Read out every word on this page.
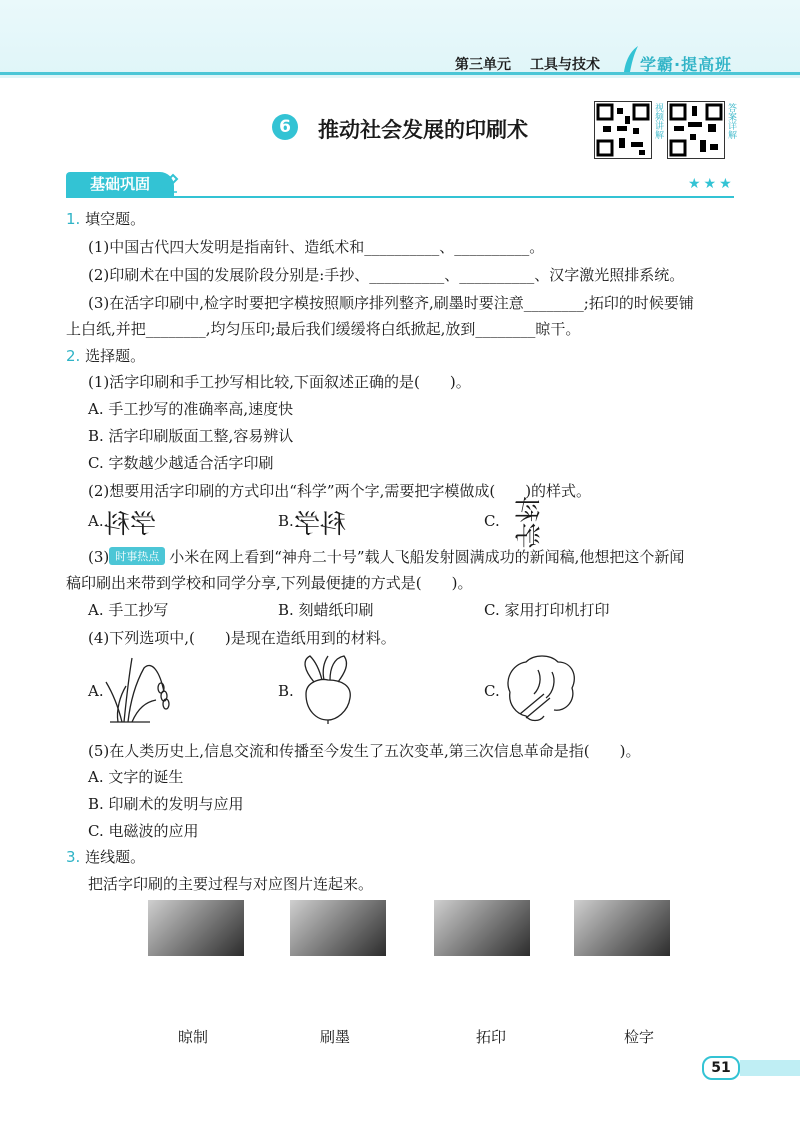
第三单元 工具与技术	学霸·提高班
6	推动社会发展的印刷术	视频讲解	答案详解
基础巩固	★★★
1. 填空题。
(1)中国古代四大发明是指南针、造纸术和__________、__________。
(2)印刷术在中国的发展阶段分别是:手抄、__________、__________、汉字激光照排系统。
(3)在活字印刷中,检字时要把字模按照顺序排列整齐,刷墨时要注意________;拓印的时候要铺
上白纸,并把________,均匀压印;最后我们缓缓将白纸掀起,放到________晾干。
2. 选择题。
(1)活字印刷和手工抄写相比较,下面叙述正确的是(　　)。
A. 手工抄写的准确率高,速度快
B. 活字印刷版面工整,容易辨认
C. 字数越少越适合活字印刷
(2)想要用活字印刷的方式印出“科学”两个字,需要把字模做成(　　)的样式。
A. 学科	B. 科学	C. 学科
(3) 时事热点 小米在网上看到“神舟二十号”载人飞船发射圆满成功的新闻稿,他想把这个新闻
稿印刷出来带到学校和同学分享,下列最便捷的方式是(　　)。
A. 手工抄写	B. 刻蜡纸印刷	C. 家用打印机打印
(4)下列选项中,(　　)是现在造纸用到的材料。
A.	B.	C.
(5)在人类历史上,信息交流和传播至今发生了五次变革,第三次信息革命是指(　　)。
A. 文字的诞生
B. 印刷术的发明与应用
C. 电磁波的应用
3. 连线题。
把活字印刷的主要过程与对应图片连起来。
晾制	刷墨	拓印	检字
51
